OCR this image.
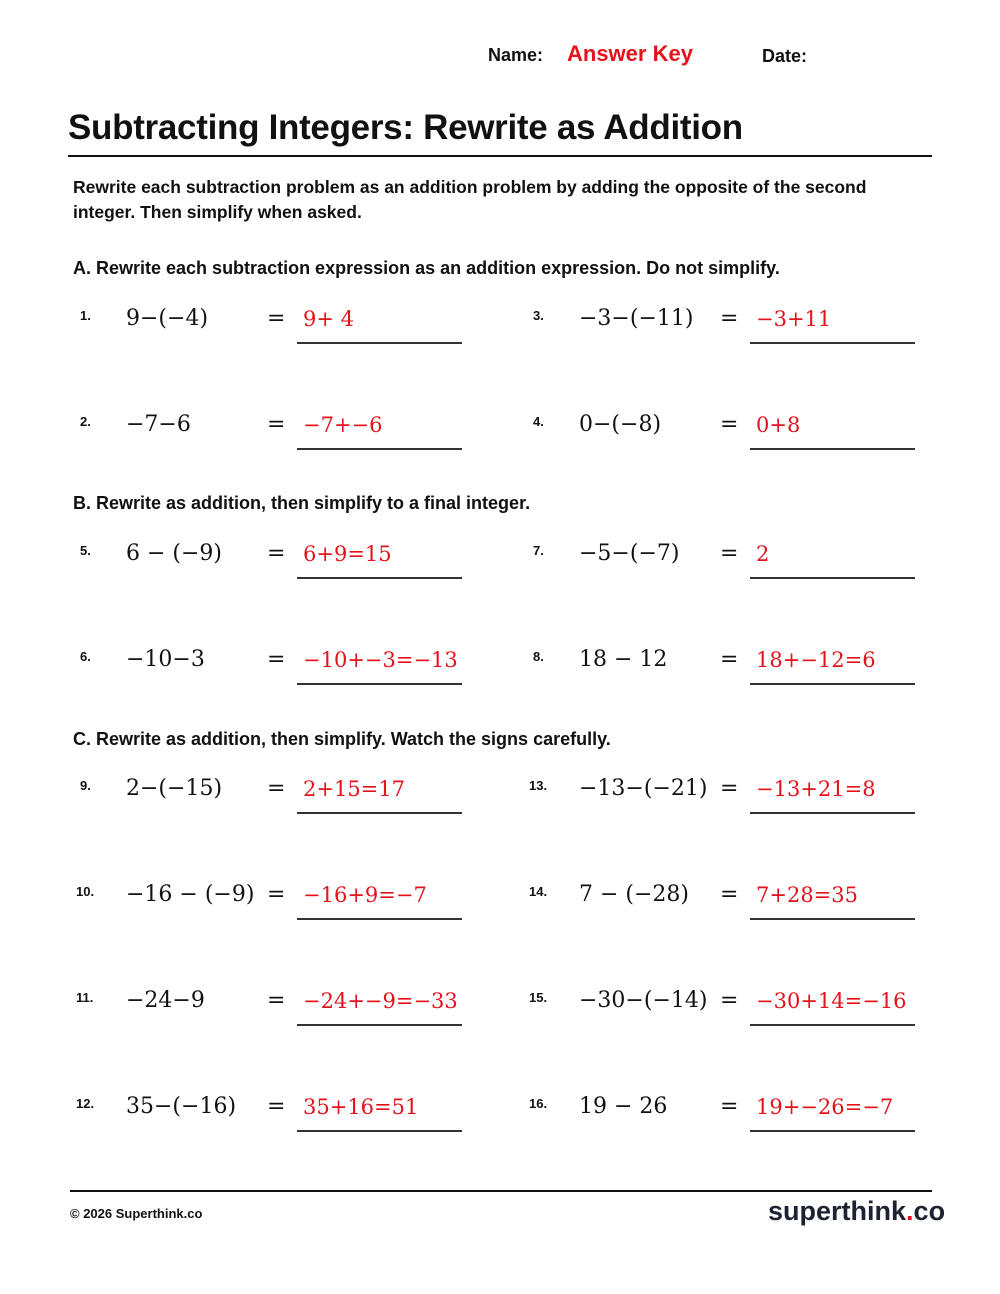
Name: Answer Key	Date:
Subtracting Integers: Rewrite as Addition
Rewrite each subtraction problem as an addition problem by adding the opposite of the second integer. Then simplify when asked.
A. Rewrite each subtraction expression as an addition expression. Do not simplify.
B. Rewrite as addition, then simplify to a final integer.
C. Rewrite as addition, then simplify. Watch the signs carefully.
1. 9−(−4)	= 9+ 4
2. −7−6	= −7+−6
3. −3−(−11) = −3+11
4. 0−(−8)	= 0+8
5. 6 − (−9) = 6+9=15
6. −10−3	= −10+−3=−13
7. −5−(−7) = 2
8. 18 − 12 = 18+−12=6
9. 2−(−15) = 2+15=17
10. −16 − (−9) = −16+9=−7
11. −24−9	= −24+−9=−33
12. 35−(−16) = 35+16=51
13. −13−(−21) = −13+21=8
14. 7 − (−28) = 7+28=35
15. −30−(−14) = −30+14=−16
16. 19 − 26 = 19+−26=−7
© 2026 Superthink.co	superthink.co
